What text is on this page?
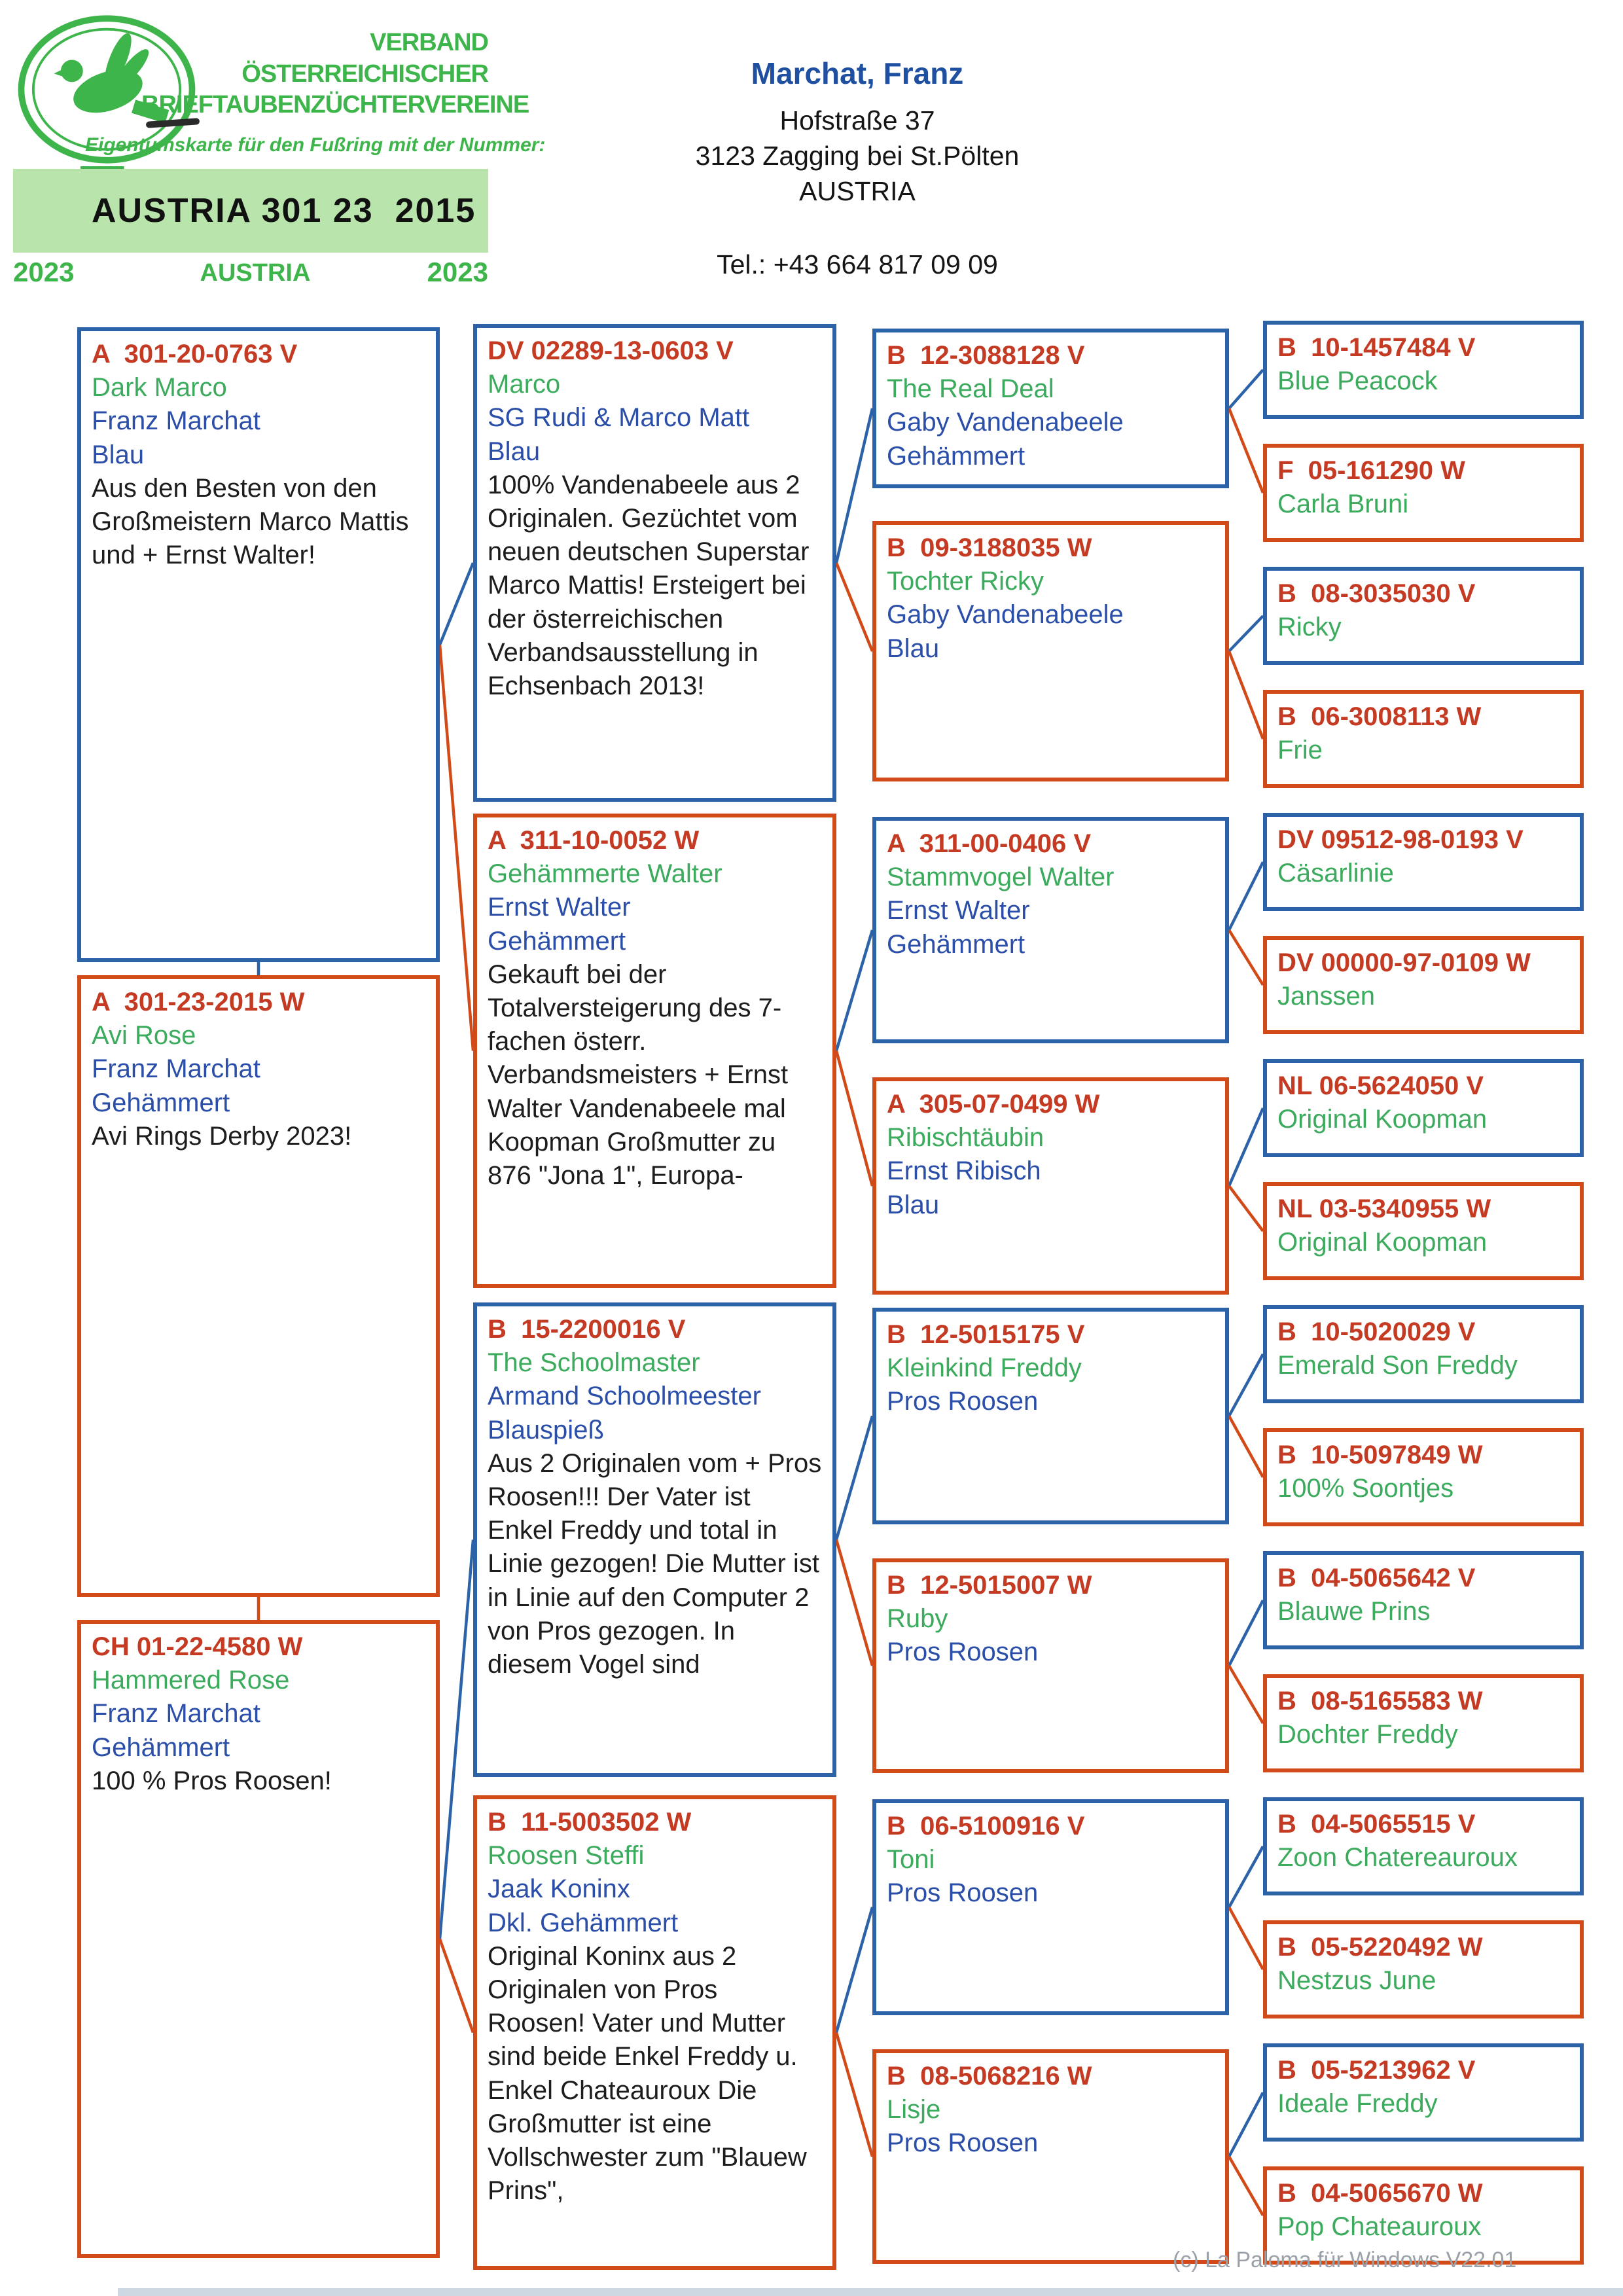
VERBAND
ÖSTERREICHISCHER
BRIEFTAUBENZÜCHTERVEREINE
Eigentumskarte für den Fußring mit der Nummer:
AUSTRIA 301 23  2015
2023	AUSTRIA	2023
Marchat, Franz
Hofstraße 37
3123 Zagging bei St.Pölten
AUSTRIA
Tel.: +43 664 817 09 09
A  301-20-0763 V
Dark Marco
Franz Marchat
Blau
Aus den Besten von den Großmeistern Marco Mattis und + Ernst Walter!
A  301-23-2015 W
Avi Rose
Franz Marchat
Gehämmert
Avi Rings Derby 2023!
CH 01-22-4580 W
Hammered Rose
Franz Marchat
Gehämmert
100 % Pros Roosen!
DV 02289-13-0603 V
Marco
SG Rudi & Marco Matt
Blau
100% Vandenabeele aus 2 Originalen. Gezüchtet vom neuen deutschen Superstar Marco Mattis! Ersteigert bei der österreichischen Verbandsausstellung in Echsenbach 2013!
A  311-10-0052 W
Gehämmerte Walter
Ernst Walter
Gehämmert
Gekauft bei der Totalversteigerung des 7-fachen österr. Verbandsmeisters + Ernst Walter Vandenabeele mal Koopman Großmutter zu 876 "Jona 1", Europa-
B  15-2200016 V
The Schoolmaster
Armand Schoolmeester
Blauspieß
Aus 2 Originalen vom + Pros Roosen!!! Der Vater ist Enkel Freddy und total in Linie gezogen! Die Mutter ist in Linie auf den Computer 2 von Pros gezogen. In diesem Vogel sind
B  11-5003502 W
Roosen Steffi
Jaak Koninx
Dkl. Gehämmert
Original Koninx aus 2 Originalen von Pros Roosen! Vater und Mutter sind beide Enkel Freddy u. Enkel Chateauroux Die Großmutter ist eine Vollschwester zum "Blauew Prins",
B  12-3088128 V
The Real Deal
Gaby Vandenabeele
Gehämmert
B  09-3188035 W
Tochter Ricky
Gaby Vandenabeele
Blau
A  311-00-0406 V
Stammvogel Walter
Ernst Walter
Gehämmert
A  305-07-0499 W
Ribischtäubin
Ernst Ribisch
Blau
B  12-5015175 V
Kleinkind Freddy
Pros Roosen
B  12-5015007 W
Ruby
Pros Roosen
B  06-5100916 V
Toni
Pros Roosen
B  08-5068216 W
Lisje
Pros Roosen
B  10-1457484 V
Blue Peacock
F  05-161290 W
Carla Bruni
B  08-3035030 V
Ricky
B  06-3008113 W
Frie
DV 09512-98-0193 V
Cäsarlinie
DV 00000-97-0109 W
Janssen
NL 06-5624050 V
Original Koopman
NL 03-5340955 W
Original Koopman
B  10-5020029 V
Emerald Son Freddy
B  10-5097849 W
100% Soontjes
B  04-5065642 V
Blauwe Prins
B  08-5165583 W
Dochter Freddy
B  04-5065515 V
Zoon Chatereauroux
B  05-5220492 W
Nestzus June
B  05-5213962 V
Ideale Freddy
B  04-5065670 W
Pop Chateauroux
(c) La Paloma für Windows V22.01
